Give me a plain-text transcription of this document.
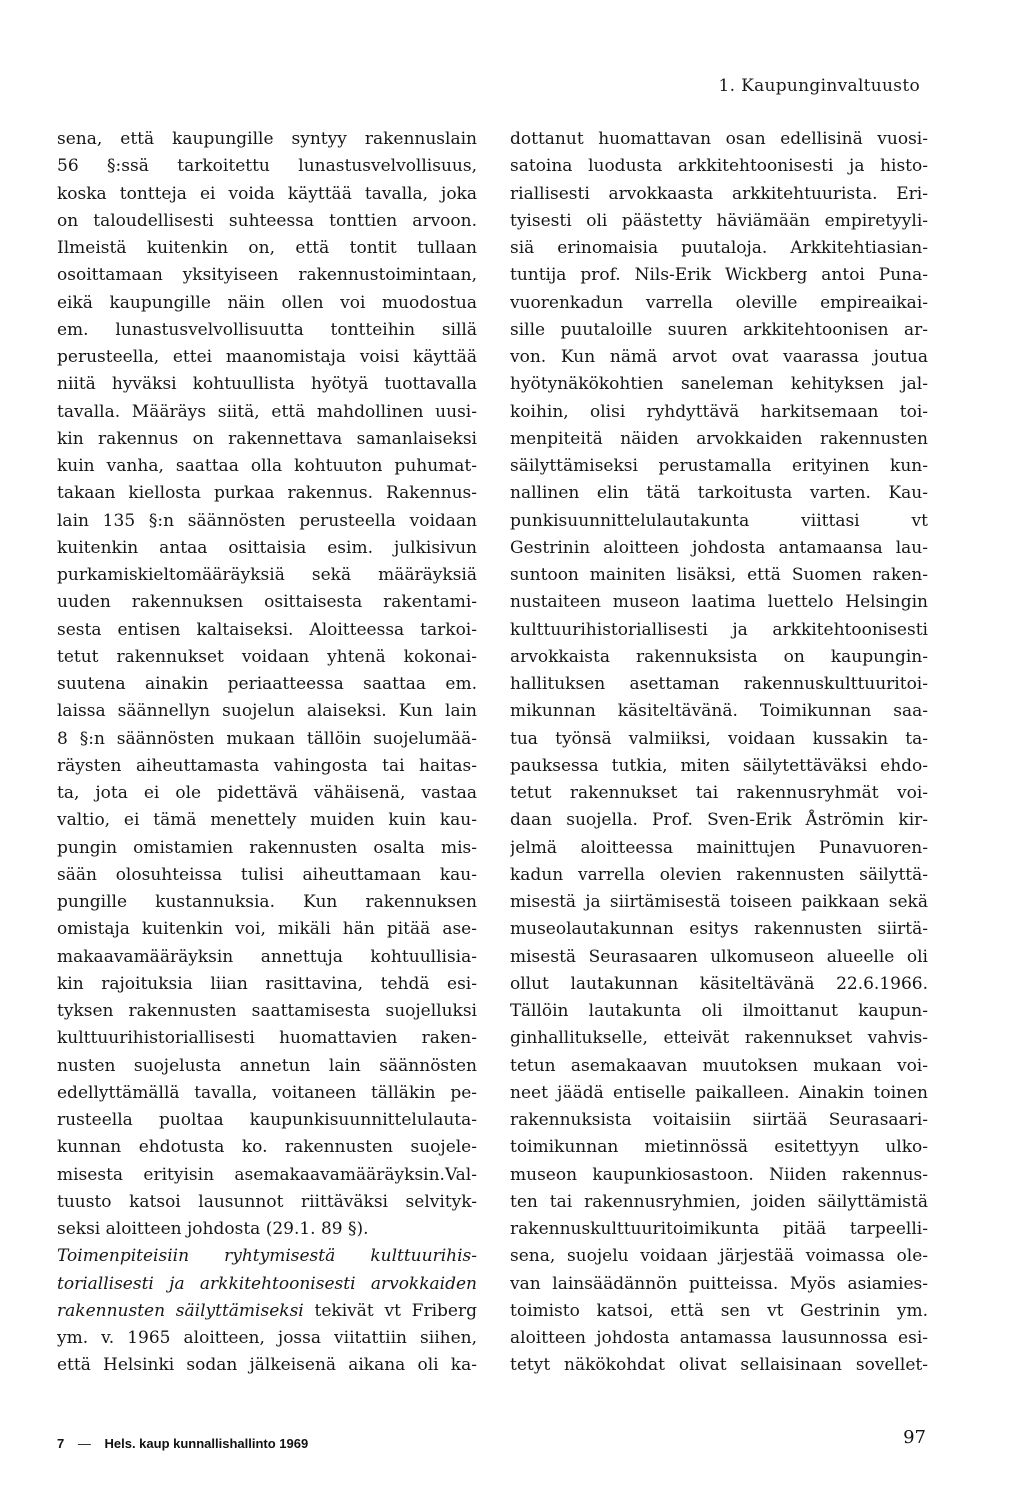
1. Kaupunginvaltuusto
sena, että kaupungille syntyy rakennuslain
56 §:ssä tarkoitettu lunastusvelvollisuus,
koska tontteja ei voida käyttää tavalla, joka
on taloudellisesti suhteessa tonttien arvoon.
Ilmeistä kuitenkin on, että tontit tullaan
osoittamaan yksityiseen rakennustoimintaan,
eikä kaupungille näin ollen voi muodostua
em. lunastusvelvollisuutta tontteihin sillä
perusteella, ettei maanomistaja voisi käyttää
niitä hyväksi kohtuullista hyötyä tuottavalla
tavalla. Määräys siitä, että mahdollinen uusi-
kin rakennus on rakennettava samanlaiseksi
kuin vanha, saattaa olla kohtuuton puhumat-
takaan kiellosta purkaa rakennus. Rakennus-
lain 135 §:n säännösten perusteella voidaan
kuitenkin antaa osittaisia esim. julkisivun
purkamiskieltomääräyksiä sekä määräyksiä
uuden rakennuksen osittaisesta rakentami-
sesta entisen kaltaiseksi. Aloitteessa tarkoi-
tetut rakennukset voidaan yhtenä kokonai-
suutena ainakin periaatteessa saattaa em.
laissa säännellyn suojelun alaiseksi. Kun lain
8 §:n säännösten mukaan tällöin suojelumää-
räysten aiheuttamasta vahingosta tai haitas-
ta, jota ei ole pidettävä vähäisenä, vastaa
valtio, ei tämä menettely muiden kuin kau-
pungin omistamien rakennusten osalta mis-
sään olosuhteissa tulisi aiheuttamaan kau-
pungille kustannuksia. Kun rakennuksen
omistaja kuitenkin voi, mikäli hän pitää ase-
makaavamääräyksin annettuja kohtuullisia-
kin rajoituksia liian rasittavina, tehdä esi-
tyksen rakennusten saattamisesta suojelluksi
kulttuurihistoriallisesti huomattavien raken-
nusten suojelusta annetun lain säännösten
edellyttämällä tavalla, voitaneen tälläkin pe-
rusteella puoltaa kaupunkisuunnittelulauta-
kunnan ehdotusta ko. rakennusten suojele-
misesta erityisin asemakaavamääräyksin.Val-
tuusto katsoi lausunnot riittäväksi selvityk-
seksi aloitteen johdosta (29.1. 89 §).
Toimenpiteisiin ryhtymisestä kulttuurihis-
toriallisesti ja arkkitehtoonisesti arvokkaiden
rakennusten säilyttämiseksi tekivät vt Friberg
ym. v. 1965 aloitteen, jossa viitattiin siihen,
että Helsinki sodan jälkeisenä aikana oli ka-
dottanut huomattavan osan edellisinä vuosi-
satoina luodusta arkkitehtoonisesti ja histo-
riallisesti arvokkaasta arkkitehtuurista. Eri-
tyisesti oli päästetty häviämään empiretyyli-
siä erinomaisia puutaloja. Arkkitehtiasian-
tuntija prof. Nils-Erik Wickberg antoi Puna-
vuorenkadun varrella oleville empireaikai-
sille puutaloille suuren arkkitehtoonisen ar-
von. Kun nämä arvot ovat vaarassa joutua
hyötynäkökohtien saneleman kehityksen jal-
koihin, olisi ryhdyttävä harkitsemaan toi-
menpiteitä näiden arvokkaiden rakennusten
säilyttämiseksi perustamalla erityinen kun-
nallinen elin tätä tarkoitusta varten. Kau-
punkisuunnittelulautakunta viittasi vt
Gestrinin aloitteen johdosta antamaansa lau-
suntoon mainiten lisäksi, että Suomen raken-
nustaiteen museon laatima luettelo Helsingin
kulttuurihistoriallisesti ja arkkitehtoonisesti
arvokkaista rakennuksista on kaupungin-
hallituksen asettaman rakennuskulttuuritoi-
mikunnan käsiteltävänä. Toimikunnan saa-
tua työnsä valmiiksi, voidaan kussakin ta-
pauksessa tutkia, miten säilytettäväksi ehdo-
tetut rakennukset tai rakennusryhmät voi-
daan suojella. Prof. Sven-Erik Åströmin kir-
jelmä aloitteessa mainittujen Punavuoren-
kadun varrella olevien rakennusten säilyttä-
misestä ja siirtämisestä toiseen paikkaan sekä
museolautakunnan esitys rakennusten siirtä-
misestä Seurasaaren ulkomuseon alueelle oli
ollut lautakunnan käsiteltävänä 22.6.1966.
Tällöin lautakunta oli ilmoittanut kaupun-
ginhallitukselle, etteivät rakennukset vahvis-
tetun asemakaavan muutoksen mukaan voi-
neet jäädä entiselle paikalleen. Ainakin toinen
rakennuksista voitaisiin siirtää Seurasaari-
toimikunnan mietinnössä esitettyyn ulko-
museon kaupunkiosastoon. Niiden rakennus-
ten tai rakennusryhmien, joiden säilyttämistä
rakennuskulttuuritoimikunta pitää tarpeelli-
sena, suojelu voidaan järjestää voimassa ole-
van lainsäädännön puitteissa. Myös asiamies-
toimisto katsoi, että sen vt Gestrinin ym.
aloitteen johdosta antamassa lausunnossa esi-
tetyt näkökohdat olivat sellaisinaan sovellet-
7 — Hels. kaup kunnallishallinto 1969	97
